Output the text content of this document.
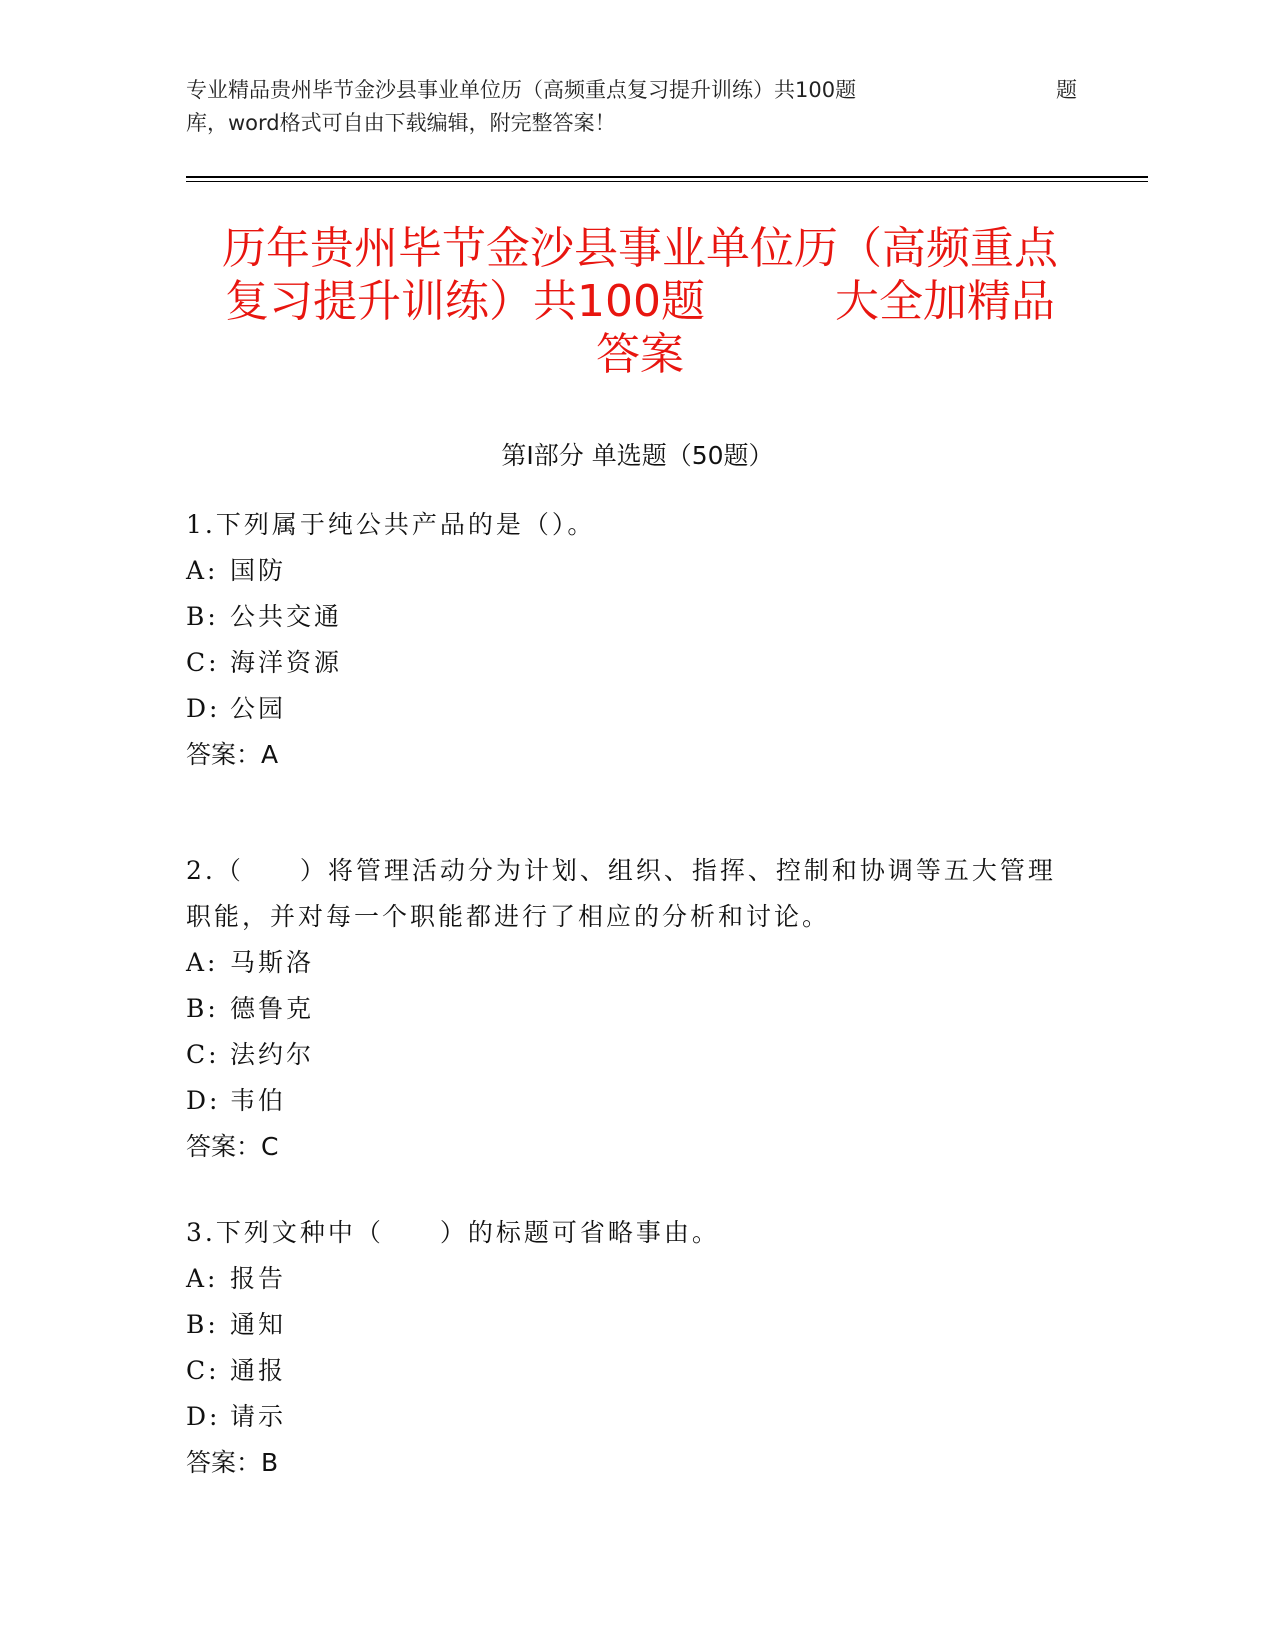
专业精品贵州毕节金沙县事业单位历（高频重点复习提升训练）共100题	题
库，word格式可自由下载编辑，附完整答案！
历年贵州毕节金沙县事业单位历（高频重点
复习提升训练）共100题	大全加精品
答案
第Ⅰ部分 单选题（50题）

1.下列属于纯公共产品的是（）。

A: 国防

B: 公共交通

C: 海洋资源

D: 公园

答案：A

2.（　　）将管理活动分为计划、组织、指挥、控制和协调等五大管理职能，并对每一个职能都进行了相应的分析和讨论。

A: 马斯洛

B: 德鲁克

C: 法约尔

D: 韦伯

答案：C

3.下列文种中（　　）的标题可省略事由。

A: 报告

B: 通知

C: 通报

D: 请示

答案：B
